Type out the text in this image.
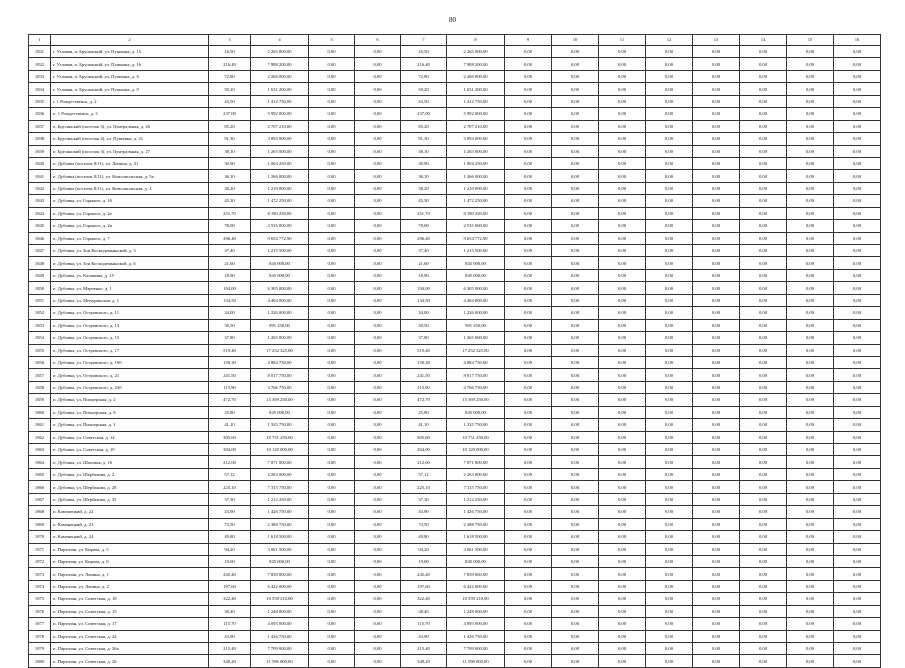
80
1	2	3	4	5	6	7	8	9	10	11	12	13	14	15	16
1831	г. Узловая, п. Брусянский, ул. Пушкина, д. 15	16,50	2 265 000,00	0,00	0,00	16,50	2 265 000,00	0,00	0,00	0,00	0,00	0,00	0,00	0,00	0,00
1832	г. Узловая, п. Брусянский, ул. Пушкина, д. 16	216,40	7 988 200,00	0,00	0,00	216,40	7 988 200,00	0,00	0,00	0,00	0,00	0,00	0,00	0,00	0,00
1833	г. Узловая, п. Брусянский, ул. Пушкина, д. 8	72,80	2 266 000,00	0,00	0,00	72,80	2 266 000,00	0,00	0,00	0,00	0,00	0,00	0,00	0,00	0,00
1834	г. Узловая, п. Брусянский, ул. Пушкина, д. 9	50,20	1 631 200,00	0,00	0,00	50,20	1 631 200,00	0,00	0,00	0,00	0,00	0,00	0,00	0,00	0,00
1835	г. 1 Рождественск, д. 2	43,50	1 412 750,00	0,00	0,00	43,50	1 412 750,00	0,00	0,00	0,00	0,00	0,00	0,00	0,00	0,00
1836	п. 1 Рождественск, д. 3	237,00	5 992 000,00	0,00	0,00	237,00	5 992 000,00	0,00	0,00	0,00	0,00	0,00	0,00	0,00	0,00
1837	п. Брусянский (поселок 3), ул. Центральная, д. 26	85,20	2 707 210,00	0,00	0,00	85,20	2 707 210,00	0,00	0,00	0,00	0,00	0,00	0,00	0,00	0,00
1838	п. Брусянский (поселок 4), ул. Пушкина, д. 21	91,30	3 094 000,00	0,00	0,00	91,30	3 094 000,00	0,00	0,00	0,00	0,00	0,00	0,00	0,00	0,00
1839	п. Брусянский (поселок 3), ул. Центральная, д. 27	38,10	1 265 000,00	0,00	0,00	38,10	1 265 000,00	0,00	0,00	0,00	0,00	0,00	0,00	0,00	0,00
1840	п. Дубовка (поселок 8/11), ул. Ленина, д. 31	30,90	1 004 250,00	0,00	0,00	30,90	1 004 250,00	0,00	0,00	0,00	0,00	0,00	0,00	0,00	0,00
1841	п. Дубовка (поселок 8/11), ул. Комсомольская, д. 5а	36,10	1 266 000,00	0,00	0,00	36,10	1 266 000,00	0,00	0,00	0,00	0,00	0,00	0,00	0,00	0,00
1842	п. Дубовка (поселок 8/11), ул. Комсомольская, д. 4	38,20	1 210 000,00	0,00	0,00	38,20	1 210 000,00	0,00	0,00	0,00	0,00	0,00	0,00	0,00	0,00
1843	п. Дубовка, ул. Горького, д. 16	45,30	1 472 250,00	0,00	0,00	45,30	1 472 250,00	0,00	0,00	0,00	0,00	0,00	0,00	0,00	0,00
1844	п. Дубовка, ул. Горького, д. 2а	251,70	8 180 250,00	0,00	0,00	251,70	8 180 250,00	0,00	0,00	0,00	0,00	0,00	0,00	0,00	0,00
1845	п. Дубовка, ул. Горького, д. 2в	78,00	2 535 000,00	0,00	0,00	78,00	2 535 000,00	0,00	0,00	0,00	0,00	0,00	0,00	0,00	0,00
1846	п. Дубовка, ул. Горького, д. 7	296,40	9 654 772,90	0,00	0,00	296,40	9 654 772,90	0,00	0,00	0,00	0,00	0,00	0,00	0,00	0,00
1847	п. Дубовка, ул. Зои Космодемьянской, д. 3	37,40	1 215 500,00	0,00	0,00	37,40	1 215 500,00	0,00	0,00	0,00	0,00	0,00	0,00	0,00	0,00
1848	п. Дубовка, ул. Зои Космодемьянской, д. 6	21,60	845 000,00	0,00	0,00	21,60	845 000,00	0,00	0,00	0,00	0,00	0,00	0,00	0,00	0,00
1849	п. Дубовка, ул. Калинина, д. 15	18,90	845 000,00	0,00	0,00	18,90	845 000,00	0,00	0,00	0,00	0,00	0,00	0,00	0,00	0,00
1850	п. Дубовка, ул. Марченко, д. 1	194,00	6 305 000,00	0,00	0,00	194,00	6 305 000,00	0,00	0,00	0,00	0,00	0,00	0,00	0,00	0,00
1851	п. Дубовка, ул. Мичуринская, д. 1	134,50	4 404 000,00	0,00	0,00	134,50	4 404 000,00	0,00	0,00	0,00	0,00	0,00	0,00	0,00	0,00
1852	п. Дубовка, ул. Островского, д. 11	34,00	1 226 000,00	0,00	0,00	34,00	1 226 000,00	0,00	0,00	0,00	0,00	0,00	0,00	0,00	0,00
1853	п. Дубовка, ул. Островского, д. 13	30,50	991 250,00	0,00	0,00	30,50	991 250,00	0,00	0,00	0,00	0,00	0,00	0,00	0,00	0,00
1854	п. Дубовка, ул. Островского, д. 15	37,80	1 265 000,00	0,00	0,00	37,80	1 265 000,00	0,00	0,00	0,00	0,00	0,00	0,00	0,00	0,00
1855	п. Дубовка, ул. Островского, д. 17	519,40	17 252 325,00	0,00	0,00	519,40	17 252 325,00	0,00	0,00	0,00	0,00	0,00	0,00	0,00	0,00
1856	п. Дубовка, ул. Островского, д. 19б	150,30	4 884 750,00	0,00	0,00	150,30	4 884 750,00	0,00	0,00	0,00	0,00	0,00	0,00	0,00	0,00
1857	п. Дубовка, ул. Островского, д. 21	241,50	8 017 750,00	0,00	0,00	241,50	8 017 750,00	0,00	0,00	0,00	0,00	0,00	0,00	0,00	0,00
1858	п. Дубовка, ул. Островского, д. 23б	115,90	3 766 750,00	0,00	0,00	115,90	3 766 750,00	0,00	0,00	0,00	0,00	0,00	0,00	0,00	0,00
1859	п. Дубовка, ул. Пионерская, д. 2	472,70	15 369 250,00	0,00	0,00	472,70	15 369 250,00	0,00	0,00	0,00	0,00	0,00	0,00	0,00	0,00
1860	п. Дубовка, ул. Пионерская, д. 8	25,80	845 000,00	0,00	0,00	25,80	845 000,00	0,00	0,00	0,00	0,00	0,00	0,00	0,00	0,00
1861	п. Дубовка, ул. Пионерская, д. 1	41,10	1 335 750,00	0,00	0,00	41,10	1 335 750,00	0,00	0,00	0,00	0,00	0,00	0,00	0,00	0,00
1862	п. Дубовка, ул. Советская, д. 14	305,60	10 751 250,00	0,00	0,00	305,60	10 751 250,00	0,00	0,00	0,00	0,00	0,00	0,00	0,00	0,00
1863	п. Дубовка, ул. Советская, д. 19	304,00	10 120 000,00	0,00	0,00	304,00	10 120 000,00	0,00	0,00	0,00	0,00	0,00	0,00	0,00	0,00
1864	п. Дубовка, ул. Шахтная, д. 16	212,00	7 071 000,00	0,00	0,00	212,00	7 071 000,00	0,00	0,00	0,00	0,00	0,00	0,00	0,00	0,00
1865	п. Дубовка, ул. Шербакова, д. 2	57,12	2 263 000,00	0,00	0,00	57,12	2 263 000,00	0,00	0,00	0,00	0,00	0,00	0,00	0,00	0,00
1866	п. Дубовка, ул. Шербакова, д. 28	225,10	7 315 750,00	0,00	0,00	225,10	7 315 750,00	0,00	0,00	0,00	0,00	0,00	0,00	0,00	0,00
1867	п. Дубовка, ул. Шербакова, д. 35	37,30	1 212 250,00	0,00	0,00	37,30	1 212 250,00	0,00	0,00	0,00	0,00	0,00	0,00	0,00	0,00
1868	п. Каменецкий, д. 22	43,90	1 426 750,00	0,00	0,00	43,90	1 426 750,00	0,00	0,00	0,00	0,00	0,00	0,00	0,00	0,00
1869	п. Каменецкий, д. 23	73,50	2 388 750,00	0,00	0,00	73,50	2 388 750,00	0,00	0,00	0,00	0,00	0,00	0,00	0,00	0,00
1870	п. Каменецкий, д. 24	49,80	1 618 500,00	0,00	0,00	49,80	1 618 500,00	0,00	0,00	0,00	0,00	0,00	0,00	0,00	0,00
1871	п. Партизан, ул. Кирова, д. 5	94,20	3 061 500,00	0,00	0,00	94,20	3 061 500,00	0,00	0,00	0,00	0,00	0,00	0,00	0,00	0,00
1872	п. Партизан, ул. Кирова, д. 6	19,00	845 000,00	0,00	0,00	19,00	845 000,00	0,00	0,00	0,00	0,00	0,00	0,00	0,00	0,00
1873	п. Партизан, ул. Ленина, д. 1	245,40	7 839 000,00	0,00	0,00	245,40	7 839 000,00	0,00	0,00	0,00	0,00	0,00	0,00	0,00	0,00
1874	п. Партизан, ул. Ленина, д. 2	197,60	6 422 000,00	0,00	0,00	197,60	6 422 000,00	0,00	0,00	0,00	0,00	0,00	0,00	0,00	0,00
1875	п. Партизан, ул. Советская, д. 18	322,40	10 559 210,00	0,00	0,00	322,40	10 559 210,00	0,00	0,00	0,00	0,00	0,00	0,00	0,00	0,00
1876	п. Партизан, ул. Советская, д. 15	38,40	1 248 000,00	0,00	0,00	38,40	1 248 000,00	0,00	0,00	0,00	0,00	0,00	0,00	0,00	0,00
1877	п. Партизан, ул. Советская, д. 17	115,70	4 095 000,00	0,00	0,00	115,70	4 095 000,00	0,00	0,00	0,00	0,00	0,00	0,00	0,00	0,00
1878	п. Партизан, ул. Советская, д. 24	43,90	1 426 750,00	0,00	0,00	43,90	1 426 750,00	0,00	0,00	0,00	0,00	0,00	0,00	0,00	0,00
1879	п. Партизан, ул. Советская, д. 26а	215,40	7 709 000,00	0,00	0,00	215,40	7 709 000,00	0,00	0,00	0,00	0,00	0,00	0,00	0,00	0,00
1880	п. Партизан, ул. Советская, д. 26	349,20	11 596 000,00	0,00	0,00	349,20	11 596 000,00	0,00	0,00	0,00	0,00	0,00	0,00	0,00	0,00
